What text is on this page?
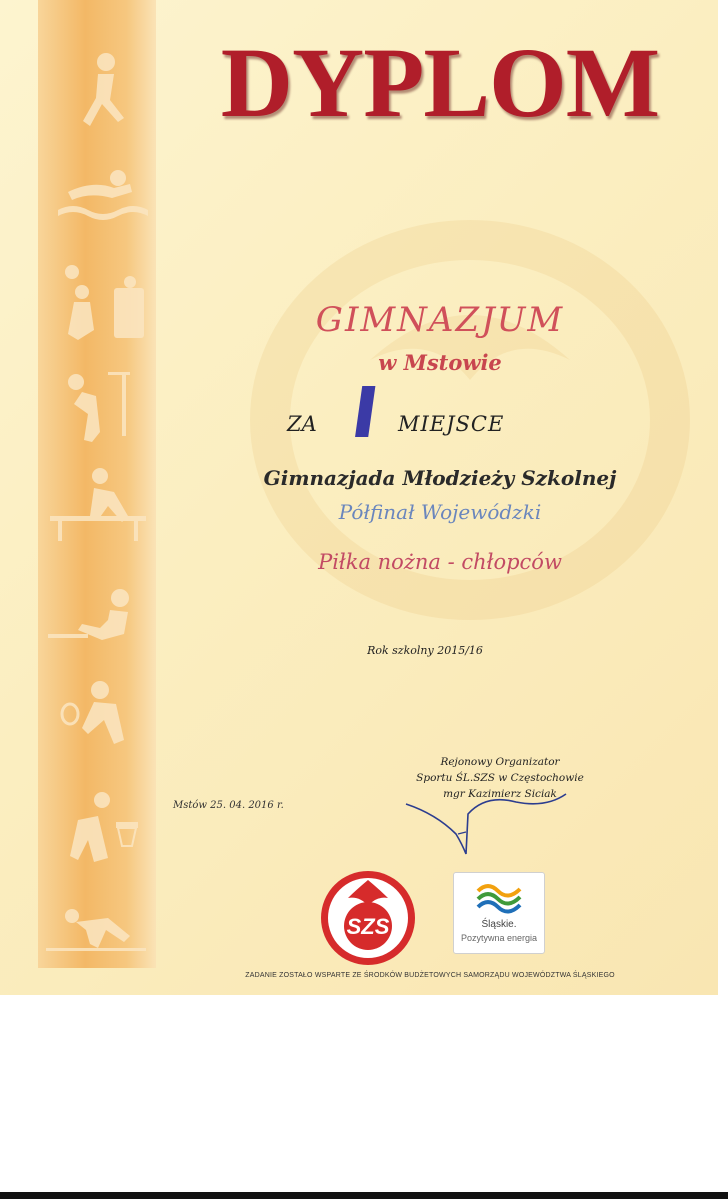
DYPLOM
GIMNAZJUM
w Mstowie
ZA I MIEJSCE
Gimnazjada Młodzieży Szkolnej
Półfinał Wojewódzki
Piłka nożna - chłopców
Rok szkolny 2015/16
Rejonowy Organizator
Sportu ŚL.SZS w Częstochowie
mgr Kazimierz Siciak
Mstów 25. 04. 2016 r.
SZS	Śląskie.
Pozytywna energia
ZADANIE ZOSTAŁO WSPARTE ZE ŚRODKÓW BUDŻETOWYCH SAMORZĄDU WOJEWÓDZTWA ŚLĄSKIEGO
